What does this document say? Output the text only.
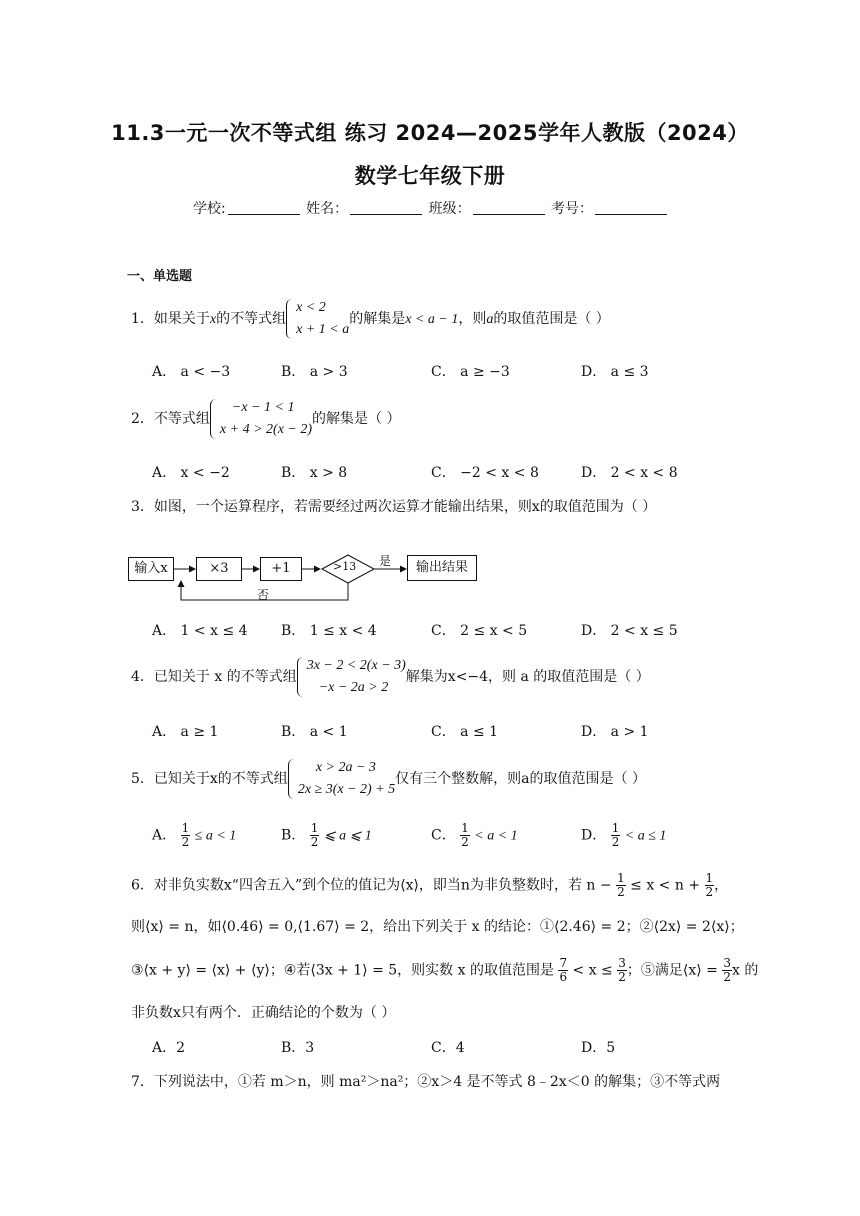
11.3一元一次不等式组 练习 2024—2025学年人教版（2024）
数学七年级下册
学校:	姓名：	班级：	考号：
一、单选题
1．如果关于x的不等式组
x < 2
x + 1 < a
的解集是x < a − 1，则a的取值范围是（ ）
A． a < −3	B． a > 3	C． a ≥ −3	D． a ≤ 3
2．不等式组
−x − 1 < 1
x + 4 > 2(x − 2)
的解集是（ ）
A． x < −2	B． x > 8	C． −2 < x < 8	D． 2 < x < 8
3．如图，一个运算程序，若需要经过两次运算才能输出结果，则x的取值范围为（ ）
输入x	×3	+1	输出结果
>13 是
否
A． 1 < x ≤ 4 B． 1 ≤ x < 4	C． 2 ≤ x < 5	D． 2 < x ≤ 5
4．已知关于 x 的不等式组
3x − 2 < 2(x − 3)
−x − 2a > 2
解集为x<−4，则 a 的取值范围是（ ）
A． a ≥ 1	B． a < 1	C． a ≤ 1	D． a > 1
5．已知关于x的不等式组
x > 2a − 3
2x ≥ 3(x − 2) + 5
仅有三个整数解，则a的取值范围是（ ）
A． $\frac{1}{2} \le a < 1$	B． $\frac{1}{2}$ ⩽ a ⩽ 1	C． $\frac{1}{2} < a < 1$	D． $\frac{1}{2} < a \le 1$
6．对非负实数x“四舍五入”到个位的值记为⟨x⟩，即当n为非负整数时，若 $n - \frac{1}{2} \le x < n + \frac{1}{2}$ ，
则⟨x⟩ = n，如⟨0.46⟩ = 0,⟨1.67⟩ = 2，给出下列关于 x 的结论：①⟨2.46⟩ = 2；②⟨2x⟩ = 2⟨x⟩；
③⟨x + y⟩ = ⟨x⟩ + ⟨y⟩；④若⟨3x + 1⟩ = 5，则实数 x 的取值范围是 $\frac{7}{6} < x \le \frac{3}{2}$ ；⑤满足⟨x⟩ = $\frac{3}{2}$ x 的
非负数x只有两个．正确结论的个数为（ ）
A．2	B．3	C．4	D．5
7．下列说法中，①若 m＞n，则 ma²＞na²；②x＞4 是不等式 8﹣2x＜0 的解集；③不等式两
